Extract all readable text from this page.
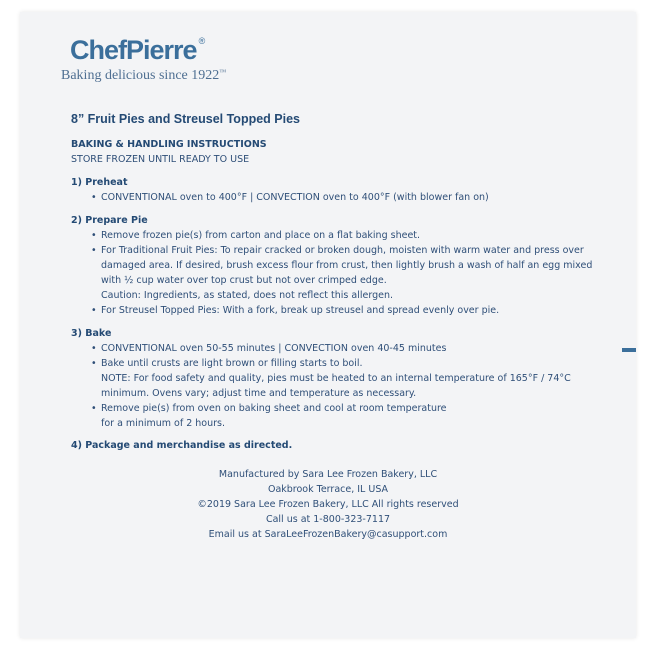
ChefPierre ®
Baking delicious since 1922™
8” Fruit Pies and Streusel Topped Pies
BAKING & HANDLING INSTRUCTIONS
STORE FROZEN UNTIL READY TO USE
1) Preheat
• CONVENTIONAL oven to 400°F | CONVECTION oven to 400°F (with blower fan on)
2) Prepare Pie
• Remove frozen pie(s) from carton and place on a flat baking sheet.
• For Traditional Fruit Pies: To repair cracked or broken dough, moisten with warm water and press over damaged area. If desired, brush excess flour from crust, then lightly brush a wash of half an egg mixed with ½ cup water over top crust but not over crimped edge.
Caution: Ingredients, as stated, does not reflect this allergen.
• For Streusel Topped Pies: With a fork, break up streusel and spread evenly over pie.
3) Bake
• CONVENTIONAL oven 50-55 minutes | CONVECTION oven 40-45 minutes
• Bake until crusts are light brown or filling starts to boil.
NOTE: For food safety and quality, pies must be heated to an internal temperature of 165°F / 74°C minimum. Ovens vary; adjust time and temperature as necessary.
• Remove pie(s) from oven on baking sheet and cool at room temperature
for a minimum of 2 hours.
4) Package and merchandise as directed.
Manufactured by Sara Lee Frozen Bakery, LLC
Oakbrook Terrace, IL USA
©2019 Sara Lee Frozen Bakery, LLC All rights reserved
Call us at 1-800-323-7117
Email us at SaraLeeFrozenBakery@casupport.com
